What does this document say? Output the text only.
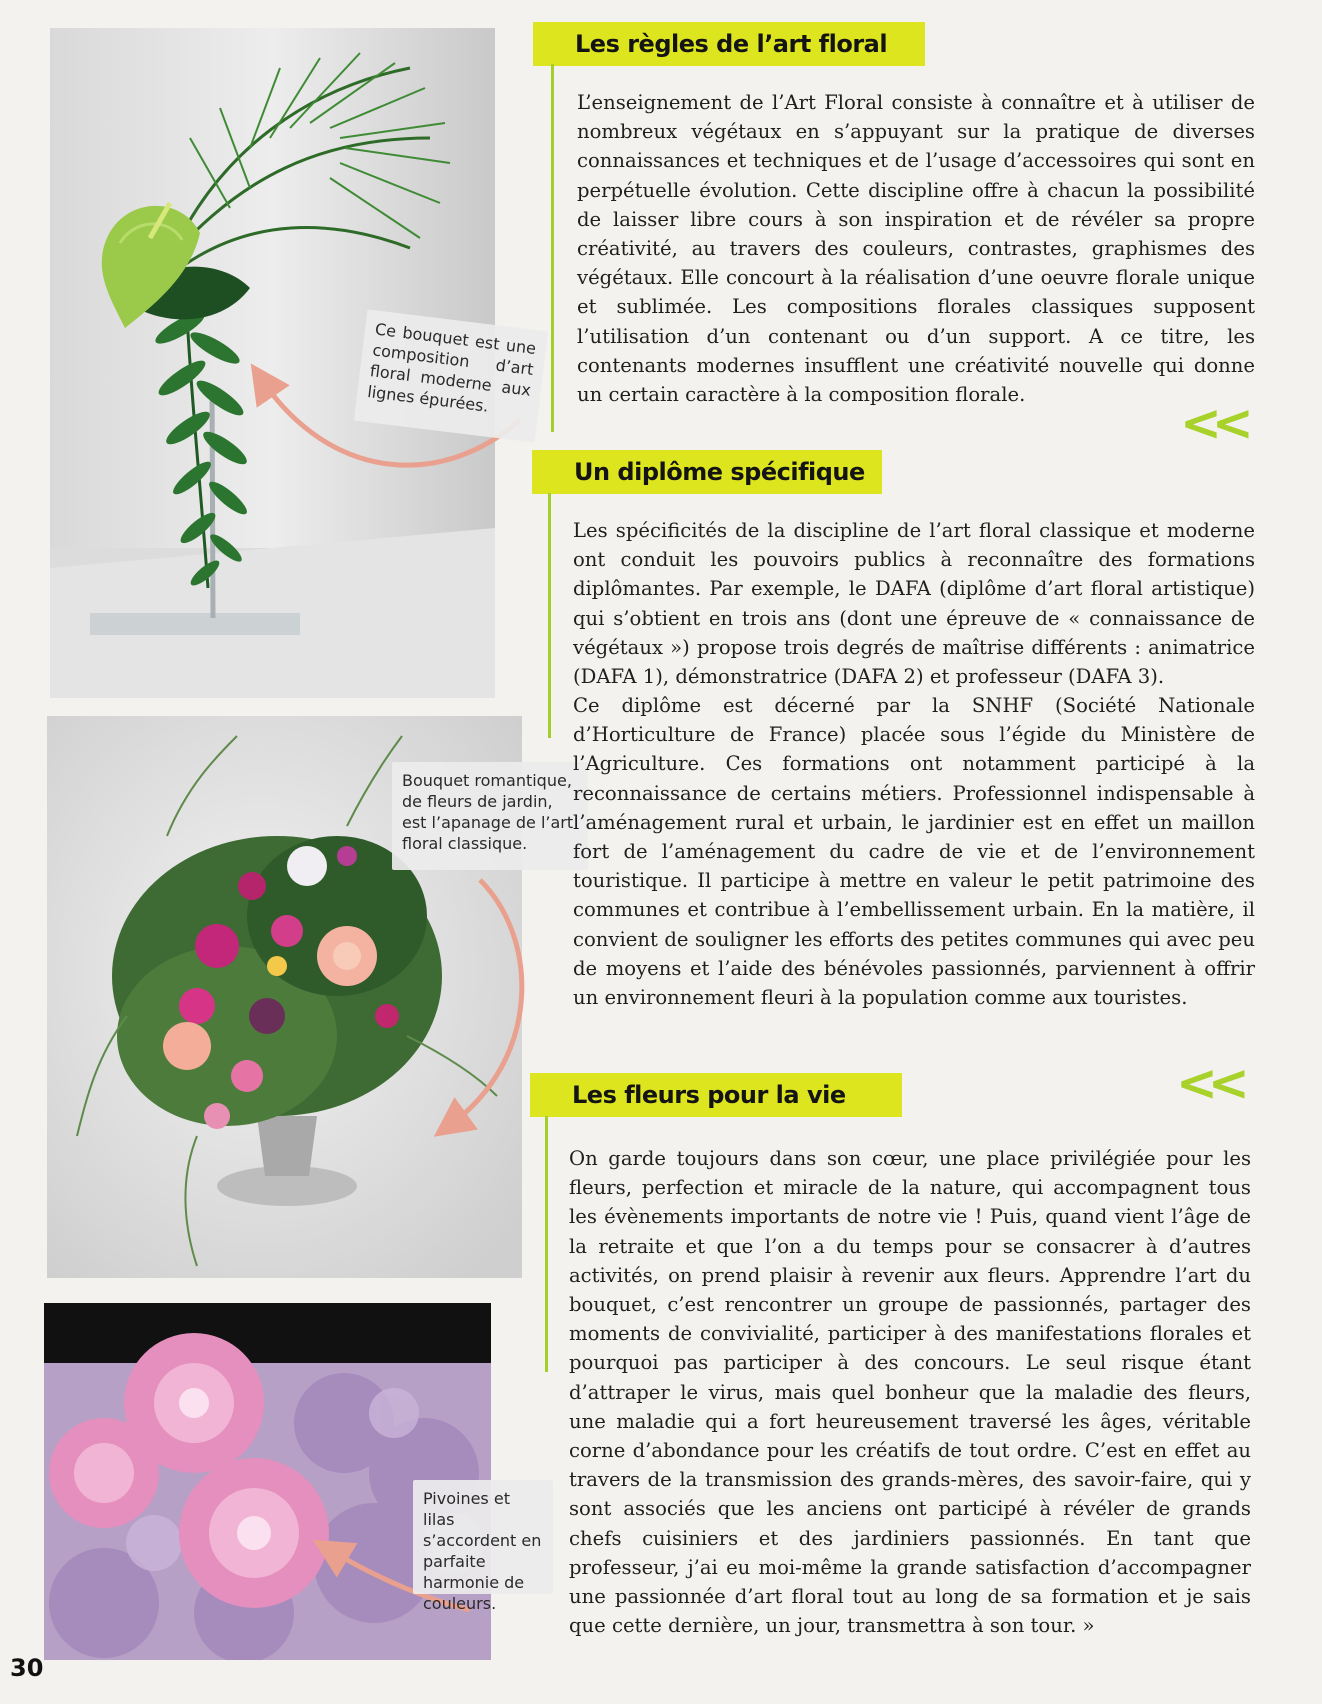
Ce bouquet est une composition d’art floral moderne aux lignes épurées.
Bouquet romantique, de fleurs de jardin, est l’apanage de l’art floral classique.
Pivoines et lilas s’accordent en parfaite harmonie de couleurs.
Les règles de l’art floral

L’enseignement de l’Art Floral consiste à connaître et à utiliser de nombreux végétaux en s’appuyant sur la pratique de diverses connaissances et techniques et de l’usage d’accessoires qui sont en perpétuelle évolution. Cette discipline offre à chacun la possibilité de laisser libre cours à son inspiration et de révéler sa propre créativité, au travers des couleurs, contrastes, graphismes des végétaux. Elle concourt à la réalisation d’une oeuvre florale unique et sublimée. Les compositions florales classiques supposent l’utilisation d’un contenant ou d’un support. A ce titre, les contenants modernes insufflent une créativité nouvelle qui donne un certain caractère à la composition florale.	<<
Un diplôme spécifique

Les spécificités de la discipline de l’art floral classique et moderne ont conduit les pouvoirs publics à reconnaître des formations diplômantes. Par exemple, le DAFA (diplôme d’art floral artistique) qui s’obtient en trois ans (dont une épreuve de « connaissance de végétaux ») propose trois degrés de maîtrise différents : animatrice (DAFA 1), démonstratrice (DAFA 2) et professeur (DAFA 3).

Ce diplôme est décerné par la SNHF (Société Nationale d’Horticulture de France) placée sous l’égide du Ministère de l’Agriculture. Ces formations ont notamment participé à la reconnaissance de certains métiers. Professionnel indispensable à l’aménagement rural et urbain, le jardinier est en effet un maillon fort de l’aménagement du cadre de vie et de l’environnement touristique. Il participe à mettre en valeur le petit patrimoine des communes et contribue à l’embellissement urbain. En la matière, il convient de souligner les efforts des petites communes qui avec peu de moyens et l’aide des bénévoles passionnés, parviennent à offrir un environnement fleuri à la population comme aux touristes.

<<
Les fleurs pour la vie

On garde toujours dans son cœur, une place privilégiée pour les fleurs, perfection et miracle de la nature, qui accompagnent tous les évènements importants de notre vie ! Puis, quand vient l’âge de la retraite et que l’on a du temps pour se consacrer à d’autres activités, on prend plaisir à revenir aux fleurs. Apprendre l’art du bouquet, c’est rencontrer un groupe de passionnés, partager des moments de convivialité, participer à des manifestations florales et pourquoi pas participer à des concours. Le seul risque étant d’attraper le virus, mais quel bonheur que la maladie des fleurs, une maladie qui a fort heureusement traversé les âges, véritable corne d’abondance pour les créatifs de tout ordre. C’est en effet au travers de la transmission des grands-mères, des savoir-faire, qui y sont associés que les anciens ont participé à révéler de grands chefs cuisiniers et des jardiniers passionnés. En tant que professeur, j’ai eu moi-même la grande satisfaction d’accompagner une passionnée d’art floral tout au long de sa formation et je sais que cette dernière, un jour, transmettra à son tour. »

30
